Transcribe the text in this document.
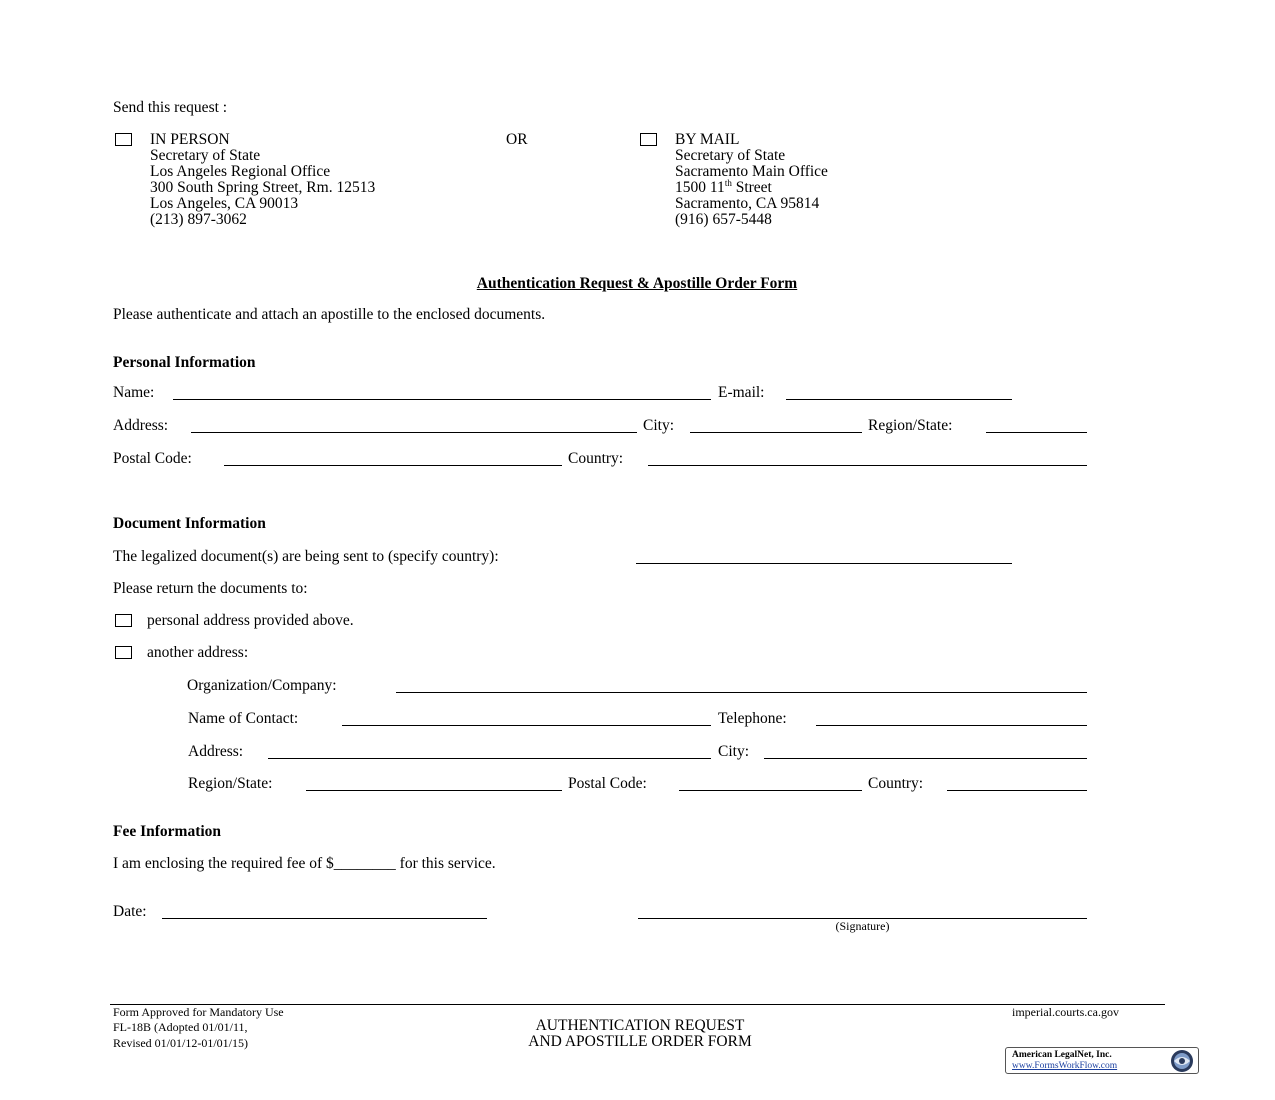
Send this request :
IN PERSON
Secretary of State
Los Angeles Regional Office
300 South Spring Street, Rm. 12513
Los Angeles, CA 90013
(213) 897-3062
OR	BY MAIL
Secretary of State
Sacramento Main Office
1500 11th Street
Sacramento, CA 95814
(916) 657-5448
Authentication Request & Apostille Order Form
Please authenticate and attach an apostille to the enclosed documents.
Personal Information
Name:	E-mail:
Address:	City:	Region/State:
Postal Code:	Country:
Document Information
The legalized document(s) are being sent to (specify country):
Please return the documents to:
personal address provided above.
another address:
Organization/Company:
Name of Contact:	Telephone:
Address:	City:
Region/State:	Postal Code:	Country:
Fee Information
I am enclosing the required fee of $________ for this service.
Date:
(Signature)
Form Approved for Mandatory Use
FL-18B (Adopted 01/01/11,
Revised 01/01/12-01/01/15)
AUTHENTICATION REQUEST
AND APOSTILLE ORDER FORM
imperial.courts.ca.gov
American LegalNet, Inc.
www.FormsWorkFlow.com
